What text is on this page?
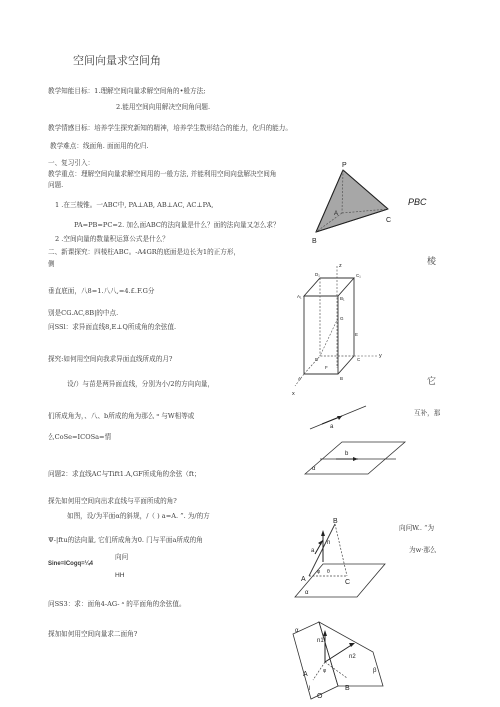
空间向量求空间角
教学知能目标：1.理解空间向量求解空间角的•般方法;
2.能用空间向用解决空间角问题.
教学情感目标：培养学生探究新知的精神，培养学生数形结合的能力，化归的能力。
教学难点：线面角. 面面用的化归.
一、复习引入：
教学重点：理解空间向量求解空间用的一般方法, 并能利用空间向盘解决空间角
问题.
1 .在三棱锥。一ABC中, PA⊥AB, AB⊥AC, AC⊥PA,
PA=PB=PC=2. 加么面ABC的法向量是什么？面的法向量又怎么求？
2 .空间向量的数量积运算公式是什么？
二、新课探究：四棱柱ABC。-A4GR的底面是边长为1的正方形，
侧
垂直底面，八8=1.八八,=4.£.F.G分
别是CG.AC,8B|的中点.
问SSl：求异面直线8,E⊥Q所成角的余弦值.
探究:如何用空间向我求异面直线所成的月?
设/）与苗是两异面直线，分别为小/2的方向向量，
们所成角为，、八、b所成的角为那么 ᵅ 与W相等或
么CoSe=ICOSa=情
互补，那
问题2：求直线AC与Tift1.A,GF所成角的余弦（ft；
探先如何用空间向出求直线与平面所成的角?
如图，设/为平面α的斜规，/（ ) a=A. ”. 为/的方
Ψ-|ftu的法向量, 它们所成角为0. 门与平面a所成的角
向问
Sine=ICogq=¼4
HH
向问W.. “为
为w·那么
问SS3：求：面角4-AG- ᵃ 的平面角的余弦值。
探加如何用空间向量求二面角?
棱
它
P
A
B
C
PBC
z
D₁	C₁
A₁	B₁
G
E
D	C
y
F
A	B
x
a
b
α
B
n
a
φ θ
A	C
α
α
n1
n2
φ
A	β
l	B
O
